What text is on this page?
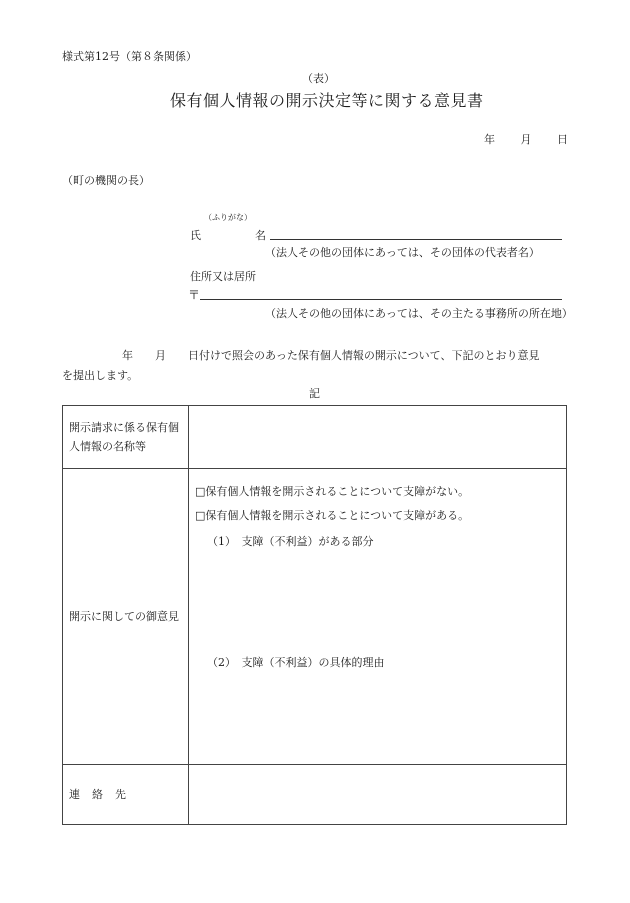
様式第12号（第８条関係）
（表）
保有個人情報の開示決定等に関する意見書
年 月 日
（町の機関の長）
（ふりがな）
氏	名
（法人その他の団体にあっては、その団体の代表者名）
住所又は居所
〒
（法人その他の団体にあっては、その主たる事務所の所在地）
年 月 日付けで照会のあった保有個人情報の開示について、下記のとおり意見
を提出します。
記
開示請求に係る保有個人情報の名称等	
開示に関しての御意見	□保有個人情報を開示されることについて支障がない。
□保有個人情報を開示されることについて支障がある。
（1）　支障（不利益）がある部分
（2）　支障（不利益）の具体的理由

連 絡 先	
